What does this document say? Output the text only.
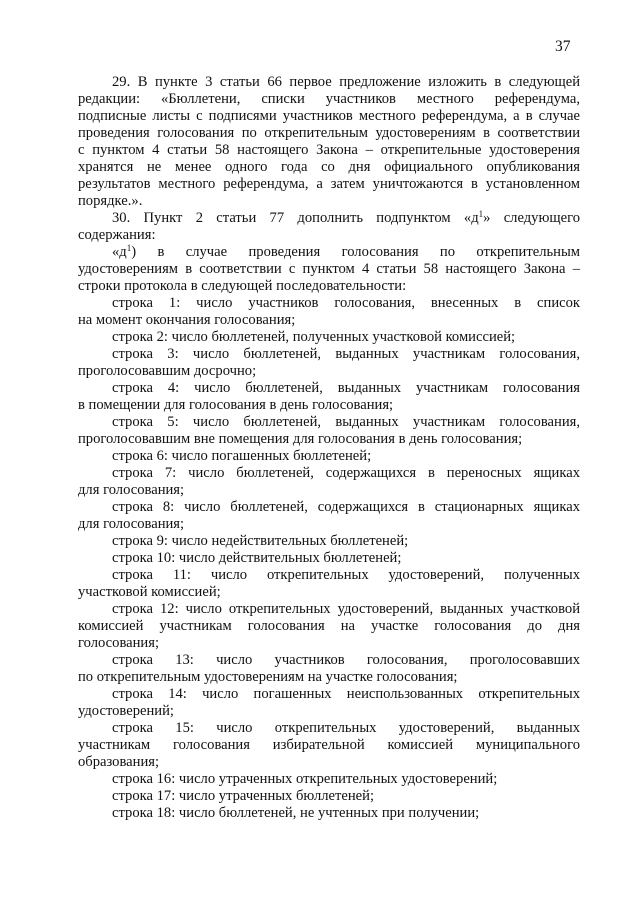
37
29. В пункте 3 статьи 66 первое предложение изложить в следующей
редакции: «Бюллетени, списки участников местного референдума,
подписные листы с подписями участников местного референдума, а в случае
проведения голосования по открепительным удостоверениям в соответствии
с пунктом 4 статьи 58 настоящего Закона – открепительные удостоверения
хранятся не менее одного года со дня официального опубликования
результатов местного референдума, а затем уничтожаются в установленном
порядке.».
30. Пункт 2 статьи 77 дополнить подпунктом «$д^1$» следующего
содержания:
«$д^1$) в случае проведения голосования по открепительным
удостоверениям в соответствии с пунктом 4 статьи 58 настоящего Закона –
строки протокола в следующей последовательности:
строка 1: число участников голосования, внесенных в список
на момент окончания голосования;
строка 2: число бюллетеней, полученных участковой комиссией;
строка 3: число бюллетеней, выданных участникам голосования,
проголосовавшим досрочно;
строка 4: число бюллетеней, выданных участникам голосования
в помещении для голосования в день голосования;
строка 5: число бюллетеней, выданных участникам голосования,
проголосовавшим вне помещения для голосования в день голосования;
строка 6: число погашенных бюллетеней;
строка 7: число бюллетеней, содержащихся в переносных ящиках
для голосования;
строка 8: число бюллетеней, содержащихся в стационарных ящиках
для голосования;
строка 9: число недействительных бюллетеней;
строка 10: число действительных бюллетеней;
строка 11: число открепительных удостоверений, полученных
участковой комиссией;
строка 12: число открепительных удостоверений, выданных участковой
комиссией участникам голосования на участке голосования до дня
голосования;
строка 13: число участников голосования, проголосовавших
по открепительным удостоверениям на участке голосования;
строка 14: число погашенных неиспользованных открепительных
удостоверений;
строка 15: число открепительных удостоверений, выданных
участникам голосования избирательной комиссией муниципального
образования;
строка 16: число утраченных открепительных удостоверений;
строка 17: число утраченных бюллетеней;
строка 18: число бюллетеней, не учтенных при получении;
